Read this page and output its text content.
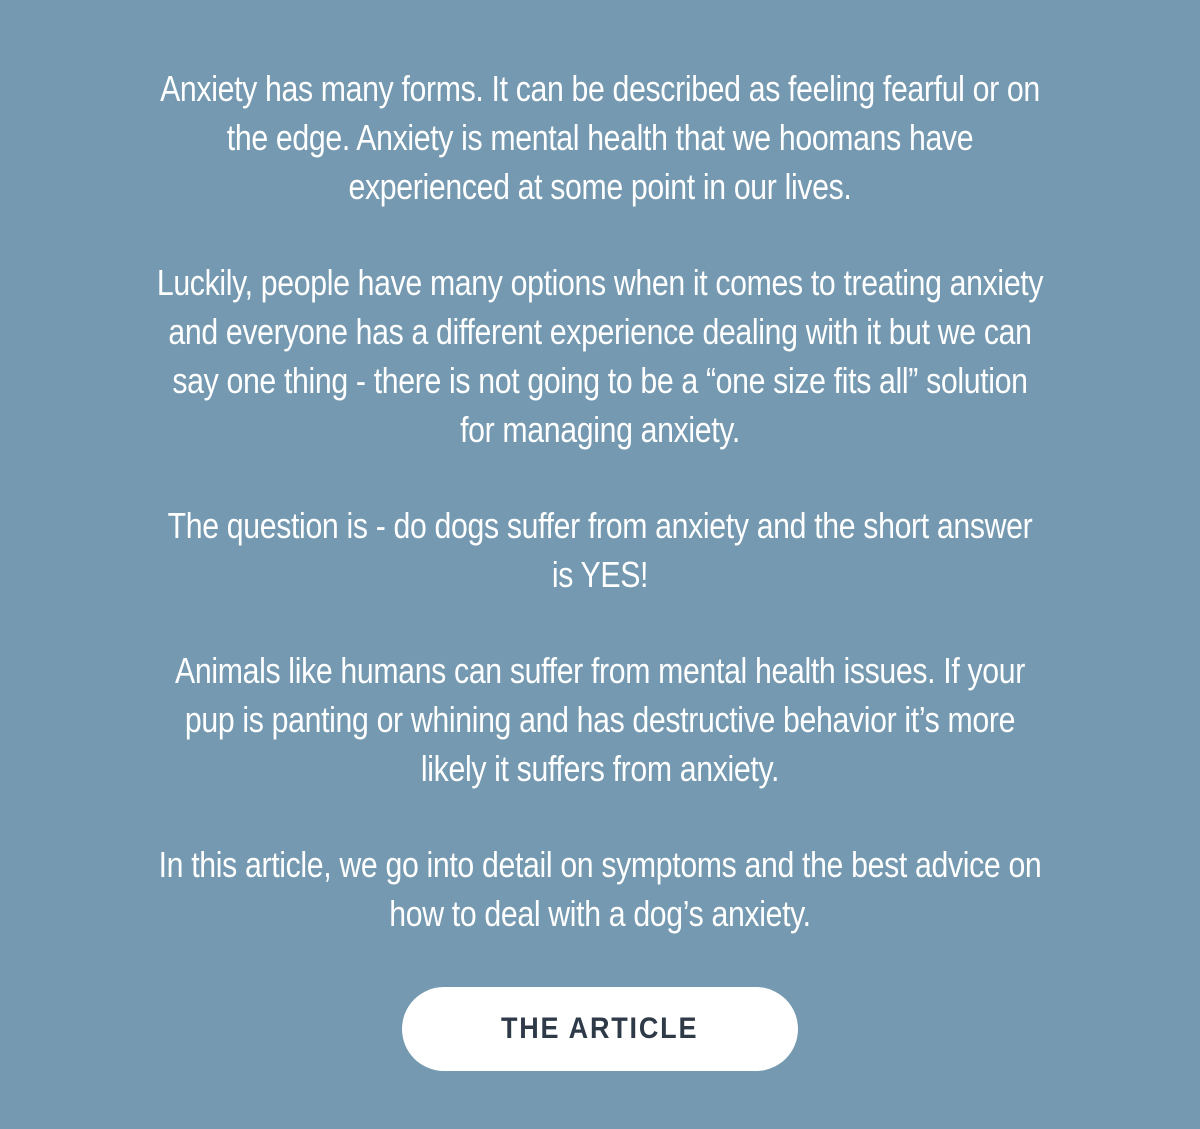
Anxiety has many forms. It can be described as feeling fearful or on
the edge. Anxiety is mental health that we hoomans have
experienced at some point in our lives.

Luckily, people have many options when it comes to treating anxiety
and everyone has a different experience dealing with it but we can
say one thing - there is not going to be a “one size fits all” solution
for managing anxiety.

The question is - do dogs suffer from anxiety and the short answer
is YES!

Animals like humans can suffer from mental health issues. If your
pup is panting or whining and has destructive behavior it’s more
likely it suffers from anxiety.

In this article, we go into detail on symptoms and the best advice on
how to deal with a dog’s anxiety.

THE ARTICLE
